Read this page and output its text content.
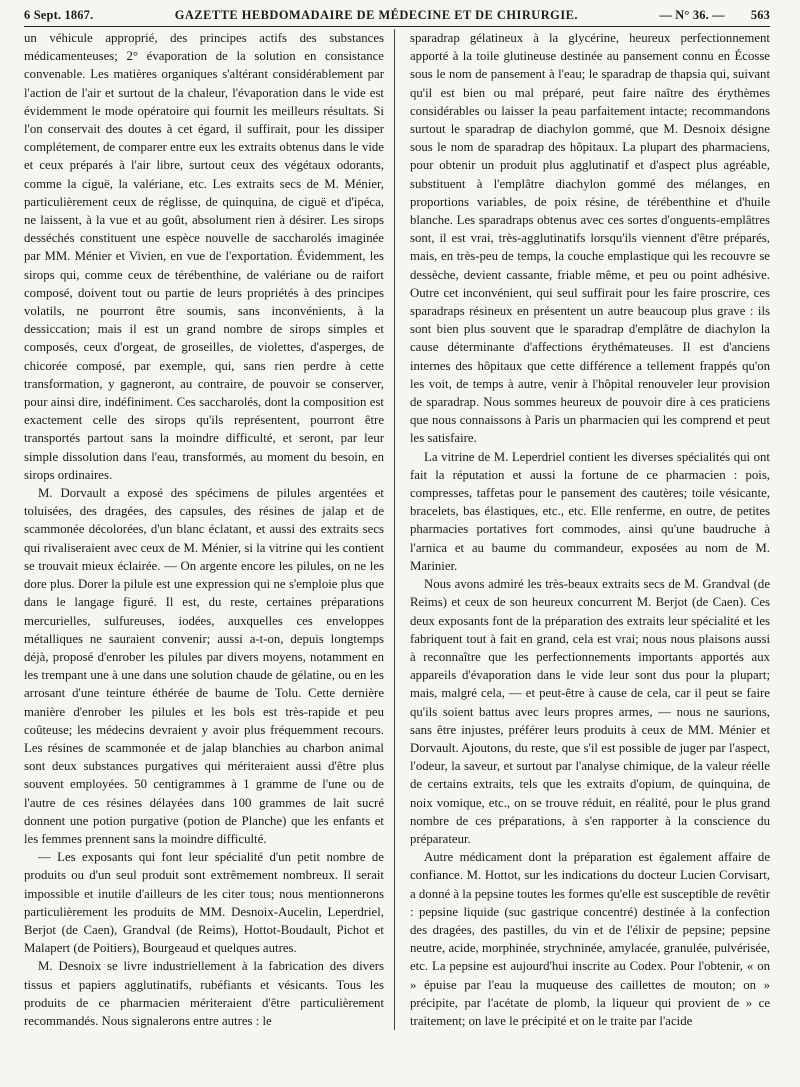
6 Sept. 1867.	GAZETTE HEBDOMADAIRE DE MÉDECINE ET DE CHIRURGIE.	— N° 36. — 563

un véhicule approprié, des principes actifs des substances médicamenteuses; 2° évaporation de la solution en consistance convenable. Les matières organiques s'altérant considérablement par l'action de l'air et surtout de la chaleur, l'évaporation dans le vide est évidemment le mode opératoire qui fournit les meilleurs résultats. Si l'on conservait des doutes à cet égard, il suffirait, pour les dissiper complétement, de comparer entre eux les extraits obtenus dans le vide et ceux préparés à l'air libre, surtout ceux des végétaux odorants, comme la ciguë, la valériane, etc. Les extraits secs de M. Ménier, particulièrement ceux de réglisse, de quinquina, de ciguë et d'ipéca, ne laissent, à la vue et au goût, absolument rien à désirer. Les sirops desséchés constituent une espèce nouvelle de saccharolés imaginée par MM. Ménier et Vivien, en vue de l'exportation. Évidemment, les sirops qui, comme ceux de térébenthine, de valériane ou de raifort composé, doivent tout ou partie de leurs propriétés à des principes volatils, ne pourront être soumis, sans inconvénients, à la dessiccation; mais il est un grand nombre de sirops simples et composés, ceux d'orgeat, de groseilles, de violettes, d'asperges, de chicorée composé, par exemple, qui, sans rien perdre à cette transformation, y gagneront, au contraire, de pouvoir se conserver, pour ainsi dire, indéfiniment. Ces saccharolés, dont la composition est exactement celle des sirops qu'ils représentent, pourront être transportés partout sans la moindre difficulté, et seront, par leur simple dissolution dans l'eau, transformés, au moment du besoin, en sirops ordinaires.

M. Dorvault a exposé des spécimens de pilules argentées et toluisées, des dragées, des capsules, des résines de jalap et de scammonée décolorées, d'un blanc éclatant, et aussi des extraits secs qui rivaliseraient avec ceux de M. Ménier, si la vitrine qui les contient se trouvait mieux éclairée. — On argente encore les pilules, on ne les dore plus. Dorer la pilule est une expression qui ne s'emploie plus que dans le langage figuré. Il est, du reste, certaines préparations mercurielles, sulfureuses, iodées, auxquelles ces enveloppes métalliques ne sauraient convenir; aussi a-t-on, depuis longtemps déjà, proposé d'enrober les pilules par divers moyens, notamment en les trempant une à une dans une solution chaude de gélatine, ou en les arrosant d'une teinture éthérée de baume de Tolu. Cette dernière manière d'enrober les pilules et les bols est très-rapide et peu coûteuse; les médecins devraient y avoir plus fréquemment recours. Les résines de scammonée et de jalap blanchies au charbon animal sont deux substances purgatives qui mériteraient aussi d'être plus souvent employées. 50 centigrammes à 1 gramme de l'une ou de l'autre de ces résines délayées dans 100 grammes de lait sucré donnent une potion purgative (potion de Planche) que les enfants et les femmes prennent sans la moindre difficulté.

— Les exposants qui font leur spécialité d'un petit nombre de produits ou d'un seul produit sont extrêmement nombreux. Il serait impossible et inutile d'ailleurs de les citer tous; nous mentionnerons particulièrement les produits de MM. Desnoix-Aucelin, Leperdriel, Berjot (de Caen), Grandval (de Reims), Hottot-Boudault, Pichot et Malapert (de Poitiers), Bourgeaud et quelques autres.

M. Desnoix se livre industriellement à la fabrication des divers tissus et papiers agglutinatifs, rubéfiants et vésicants. Tous les produits de ce pharmacien mériteraient d'être particulièrement recommandés. Nous signalerons entre autres : le

sparadrap gélatineux à la glycérine, heureux perfectionnement apporté à la toile glutineuse destinée au pansement connu en Écosse sous le nom de pansement à l'eau; le sparadrap de thapsia qui, suivant qu'il est bien ou mal préparé, peut faire naître des érythèmes considérables ou laisser la peau parfaitement intacte; recommandons surtout le sparadrap de diachylon gommé, que M. Desnoix désigne sous le nom de sparadrap des hôpitaux. La plupart des pharmaciens, pour obtenir un produit plus agglutinatif et d'aspect plus agréable, substituent à l'emplâtre diachylon gommé des mélanges, en proportions variables, de poix résine, de térébenthine et d'huile blanche. Les sparadraps obtenus avec ces sortes d'onguents-emplâtres sont, il est vrai, très-agglutinatifs lorsqu'ils viennent d'être préparés, mais, en très-peu de temps, la couche emplastique qui les recouvre se dessèche, devient cassante, friable même, et peu ou point adhésive. Outre cet inconvénient, qui seul suffirait pour les faire proscrire, ces sparadraps résineux en présentent un autre beaucoup plus grave : ils sont bien plus souvent que le sparadrap d'emplâtre de diachylon la cause déterminante d'affections érythémateuses. Il est d'anciens internes des hôpitaux que cette différence a tellement frappés qu'on les voit, de temps à autre, venir à l'hôpital renouveler leur provision de sparadrap. Nous sommes heureux de pouvoir dire à ces praticiens que nous connaissons à Paris un pharmacien qui les comprend et peut les satisfaire.

La vitrine de M. Leperdriel contient les diverses spécialités qui ont fait la réputation et aussi la fortune de ce pharmacien : pois, compresses, taffetas pour le pansement des cautères; toile vésicante, bracelets, bas élastiques, etc., etc. Elle renferme, en outre, de petites pharmacies portatives fort commodes, ainsi qu'une baudruche à l'arnica et au baume du commandeur, exposées au nom de M. Marinier.

Nous avons admiré les très-beaux extraits secs de M. Grandval (de Reims) et ceux de son heureux concurrent M. Berjot (de Caen). Ces deux exposants font de la préparation des extraits leur spécialité et les fabriquent tout à fait en grand, cela est vrai; nous nous plaisons aussi à reconnaître que les perfectionnements importants apportés aux appareils d'évaporation dans le vide leur sont dus pour la plupart; mais, malgré cela, — et peut-être à cause de cela, car il peut se faire qu'ils soient battus avec leurs propres armes, — nous ne saurions, sans être injustes, préférer leurs produits à ceux de MM. Ménier et Dorvault. Ajoutons, du reste, que s'il est possible de juger par l'aspect, l'odeur, la saveur, et surtout par l'analyse chimique, de la valeur réelle de certains extraits, tels que les extraits d'opium, de quinquina, de noix vomique, etc., on se trouve réduit, en réalité, pour le plus grand nombre de ces préparations, à s'en rapporter à la conscience du préparateur.

Autre médicament dont la préparation est également affaire de confiance. M. Hottot, sur les indications du docteur Lucien Corvisart, a donné à la pepsine toutes les formes qu'elle est susceptible de revêtir : pepsine liquide (suc gastrique concentré) destinée à la confection des dragées, des pastilles, du vin et de l'élixir de pepsine; pepsine neutre, acide, morphinée, strychninée, amylacée, granulée, pulvérisée, etc. La pepsine est aujourd'hui inscrite au Codex. Pour l'obtenir, « on » épuise par l'eau la muqueuse des caillettes de mouton; on » précipite, par l'acétate de plomb, la liqueur qui provient de » ce traitement; on lave le précipité et on le traite par l'acide
